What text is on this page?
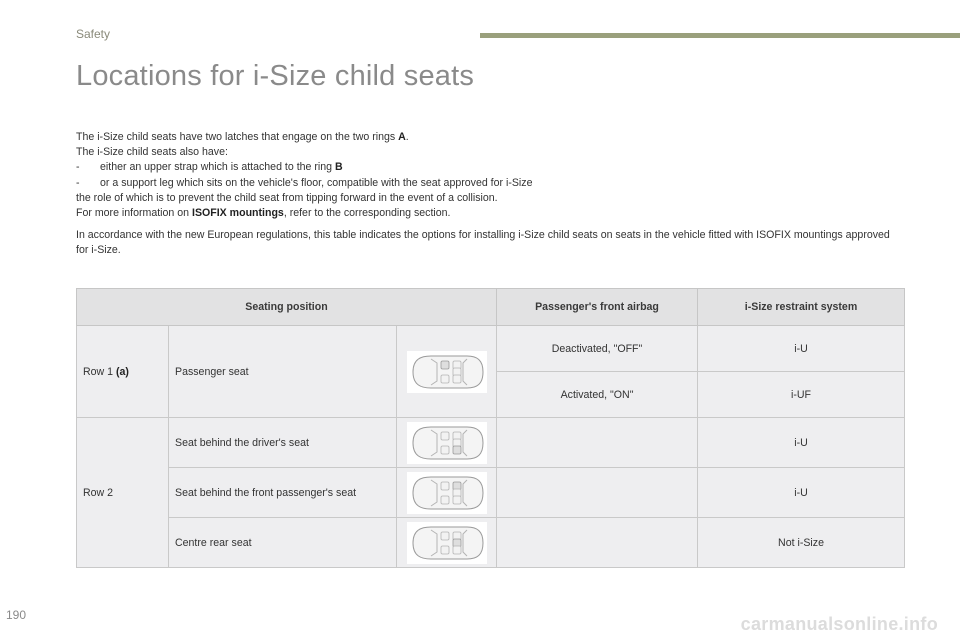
Safety
Locations for i-Size child seats

The i-Size child seats have two latches that engage on the two rings A.

The i-Size child seats also have:

- either an upper strap which is attached to the ring B

- or a support leg which sits on the vehicle's floor, compatible with the seat approved for i-Size

the role of which is to prevent the child seat from tipping forward in the event of a collision.

For more information on ISOFIX mountings, refer to the corresponding section.

In accordance with the new European regulations, this table indicates the options for installing i-Size child seats on seats in the vehicle fitted with ISOFIX mountings approved for i-Size.

Seating position			Passenger's front airbag	i-Size restraint system
Row 1 (a)	Passenger seat		Deactivated, "OFF"	i-U
			Activated, "ON"	i-UF
Row 2	Seat behind the driver's seat			i-U
	Seat behind the front passenger's seat			i-U
	Centre rear seat			Not i-Size
190	carmanualsonline.info
